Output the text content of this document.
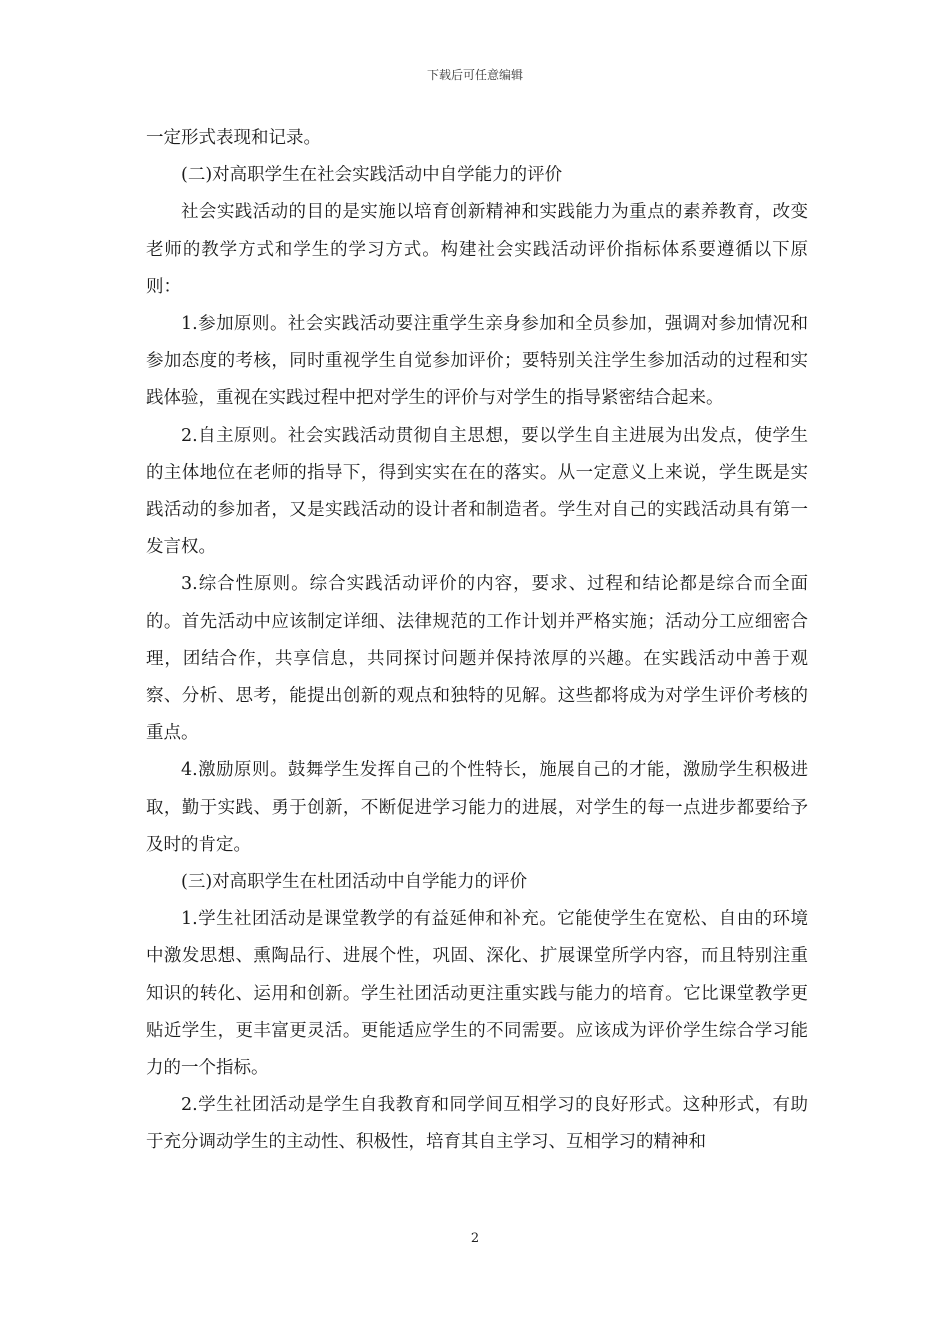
下载后可任意编辑

一定形式表现和记录。

(二)对高职学生在社会实践活动中自学能力的评价

社会实践活动的目的是实施以培育创新精神和实践能力为重点的素养教育，改变老师的教学方式和学生的学习方式。构建社会实践活动评价指标体系要遵循以下原则：

1.参加原则。社会实践活动要注重学生亲身参加和全员参加，强调对参加情况和参加态度的考核，同时重视学生自觉参加评价；要特别关注学生参加活动的过程和实践体验，重视在实践过程中把对学生的评价与对学生的指导紧密结合起来。

2.自主原则。社会实践活动贯彻自主思想，要以学生自主进展为出发点，使学生的主体地位在老师的指导下，得到实实在在的落实。从一定意义上来说，学生既是实践活动的参加者，又是实践活动的设计者和制造者。学生对自己的实践活动具有第一发言权。

3.综合性原则。综合实践活动评价的内容，要求、过程和结论都是综合而全面的。首先活动中应该制定详细、法律规范的工作计划并严格实施；活动分工应细密合理，团结合作，共享信息，共同探讨问题并保持浓厚的兴趣。在实践活动中善于观察、分析、思考，能提出创新的观点和独特的见解。这些都将成为对学生评价考核的重点。

4.激励原则。鼓舞学生发挥自己的个性特长，施展自己的才能，激励学生积极进取，勤于实践、勇于创新，不断促进学习能力的进展，对学生的每一点进步都要给予及时的肯定。

(三)对高职学生在杜团活动中自学能力的评价

1.学生社团活动是课堂教学的有益延伸和补充。它能使学生在宽松、自由的环境中激发思想、熏陶品行、进展个性，巩固、深化、扩展课堂所学内容，而且特别注重知识的转化、运用和创新。学生社团活动更注重实践与能力的培育。它比课堂教学更贴近学生，更丰富更灵活。更能适应学生的不同需要。应该成为评价学生综合学习能力的一个指标。

2.学生社团活动是学生自我教育和同学间互相学习的良好形式。这种形式，有助于充分调动学生的主动性、积极性，培育其自主学习、互相学习的精神和

2
